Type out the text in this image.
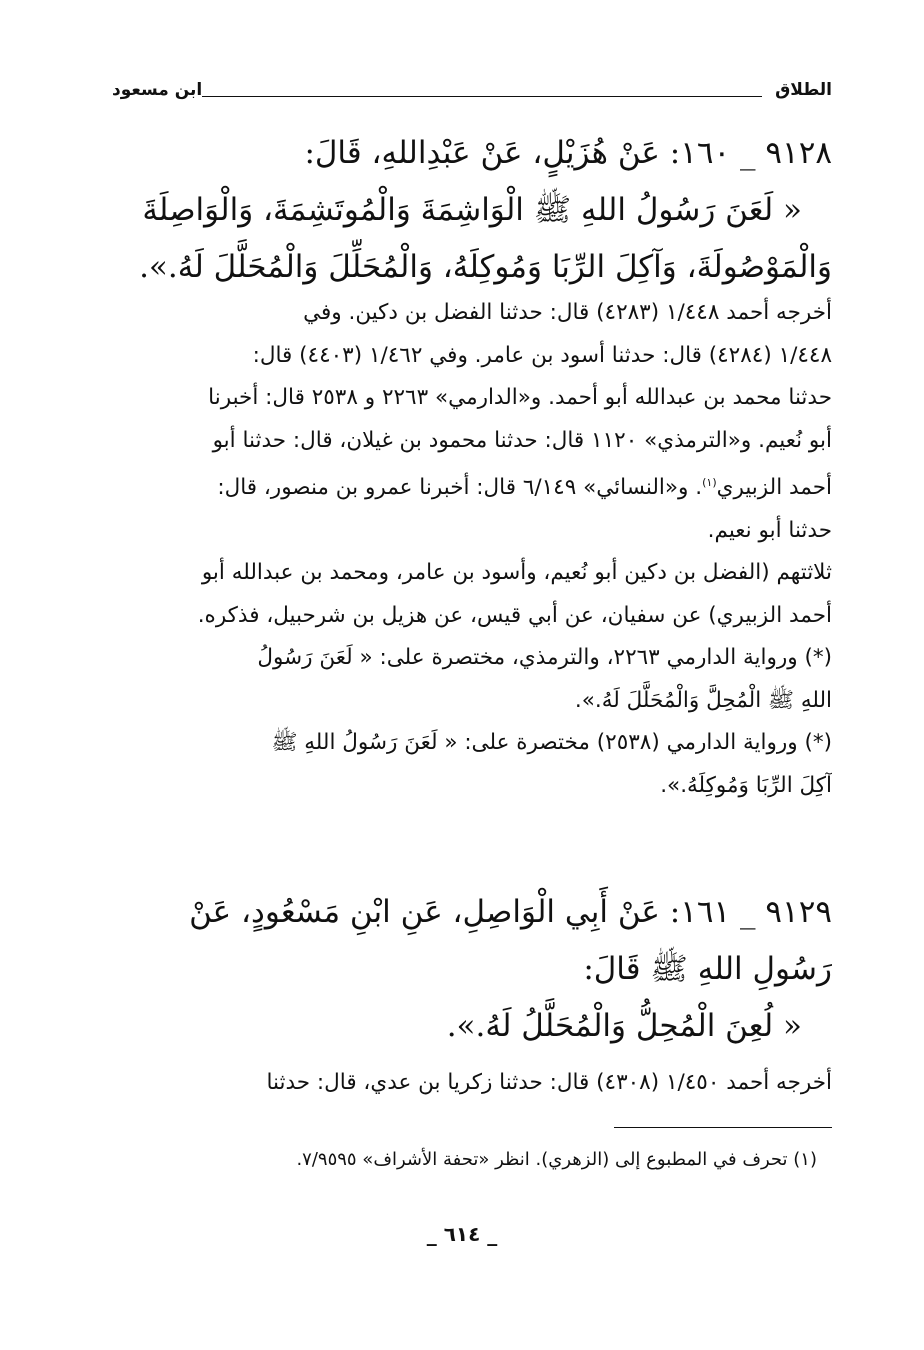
الطلاق
ابن مسعود
٩١٢٨ _ ١٦٠: عَنْ هُزَيْلٍ، عَنْ عَبْدِاللهِ، قَالَ:
« لَعَنَ رَسُولُ اللهِ ﷺ الْوَاشِمَةَ وَالْمُوتَشِمَةَ، وَالْوَاصِلَةَ
وَالْمَوْصُولَةَ، وَآكِلَ الرِّبَا وَمُوكِلَهُ، وَالْمُحَلِّلَ وَالْمُحَلَّلَ لَهُ.».
أخرجه أحمد ١/٤٤٨ (٤٢٨٣) قال: حدثنا الفضل بن دكين. وفي
١/٤٤٨ (٤٢٨٤) قال: حدثنا أسود بن عامر. وفي ١/٤٦٢ (٤٤٠٣) قال:
حدثنا محمد بن عبدالله أبو أحمد. و«الدارمي» ٢٢٦٣ و ٢٥٣٨ قال: أخبرنا
أبو نُعيم. و«الترمذي» ١١٢٠ قال: حدثنا محمود بن غيلان، قال: حدثنا أبو
أحمد الزبيري$^{(١)}$. و«النسائي» ٦/١٤٩ قال: أخبرنا عمرو بن منصور، قال:
حدثنا أبو نعيم.
ثلاثتهم (الفضل بن دكين أبو نُعيم، وأسود بن عامر، ومحمد بن عبدالله أبو
أحمد الزبيري) عن سفيان، عن أبي قيس، عن هزيل بن شرحبيل، فذكره.
(*) ورواية الدارمي ٢٢٦٣، والترمذي، مختصرة على: « لَعَنَ رَسُولُ
اللهِ ﷺ الْمُحِلَّ وَالْمُحَلَّلَ لَهُ.».
(*) ورواية الدارمي (٢٥٣٨) مختصرة على: « لَعَنَ رَسُولُ اللهِ ﷺ
آكِلَ الرِّبَا وَمُوكِلَهُ.».
٩١٢٩ _ ١٦١: عَنْ أَبِي الْوَاصِلِ، عَنِ ابْنِ مَسْعُودٍ، عَنْ
رَسُولِ اللهِ ﷺ قَالَ:
« لُعِنَ الْمُحِلُّ وَالْمُحَلَّلُ لَهُ.».
أخرجه أحمد ١/٤٥٠ (٤٣٠٨) قال: حدثنا زكريا بن عدي، قال: حدثنا
(١) تحرف في المطبوع إلى (الزهري). انظر «تحفة الأشراف» ٧/٩٥٩٥.
_ ٦١٤ _
